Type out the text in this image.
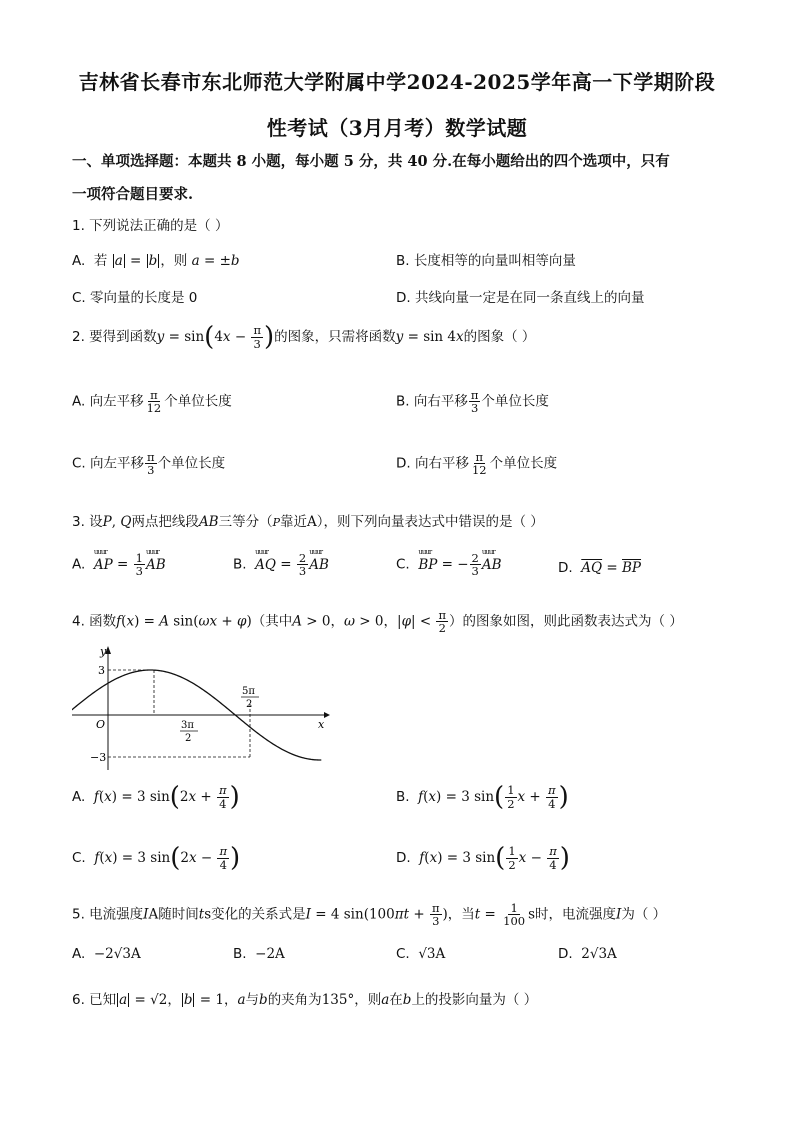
吉林省长春市东北师范大学附属中学2024-2025学年高一下学期阶段
性考试（3月月考）数学试题
一、单项选择题：本题共 8 小题，每小题 5 分，共 40 分.在每小题给出的四个选项中，只有
一项符合题目要求.
1. 下列说法正确的是（ ）
A. 若 a = b ，则 a = ±b	B. 长度相等的向量叫相等向量
C. 零向量的长度是 0	D. 共线向量一定是在同一条直线上的向量
2. 要得到函数$y = \sin(4x - \frac{\pi}{3}$ )的图象，只需将函数y = sin 4x的图象（ ）
A. 向左平移 $\frac{\pi}{12}$ 个单位长度	B. 向右平移 $\frac{\pi}{3}$ 个单位长度
C. 向左平移 $\frac{\pi}{3}$ 个单位长度	D. 向右平移 $\frac{\pi}{12}$ 个单位长度
3. 设P, Q两点把线段AB三等分（P靠近A），则下列向量表达式中错误的是（ ）
A.  uuur AP = $\frac{1}{3}$ uuur AB	B.  uuur AQ = $\frac{2}{3}$ uuur AB	C.  uuur BP = − $\frac{2}{3}$ uuur AB	D.  $\overline{AQ} = \overline{BP}$
4. 函数f(x) = A sin(ωx + φ)（其中A > 0，ω > 0，$|\varphi| < \frac{\pi}{2}$ ）的图象如图，则此函数表达式为（ ）
y
x
O
3
−3
3π
2
5π
2
A.  f(x) = 3 $\sin(2x + \frac{\pi}{4}$ )	B.  f(x) = 3 $\sin( \frac{1}{2}$ $x + \frac{\pi}{4}$ )
C.  f(x) = 3 $\sin(2x - \frac{\pi}{4}$ )	D.  f(x) = 3 $\sin( \frac{1}{2}$ $x - \frac{\pi}{4}$ )
5. 电流强度IA随时间ts变化的关系式是I = 4 $\sin(100\pi t + \frac{\pi}{3}$ )，当$t = \frac{1}{100}$ s时，电流强度I为（ ）
A.  −2√3A	B.  −2A	C.  √3A	D.  2√3A
6. 已知 a = √2， b = 1，a与b的夹角为135°，则a在b上的投影向量为（ ）
